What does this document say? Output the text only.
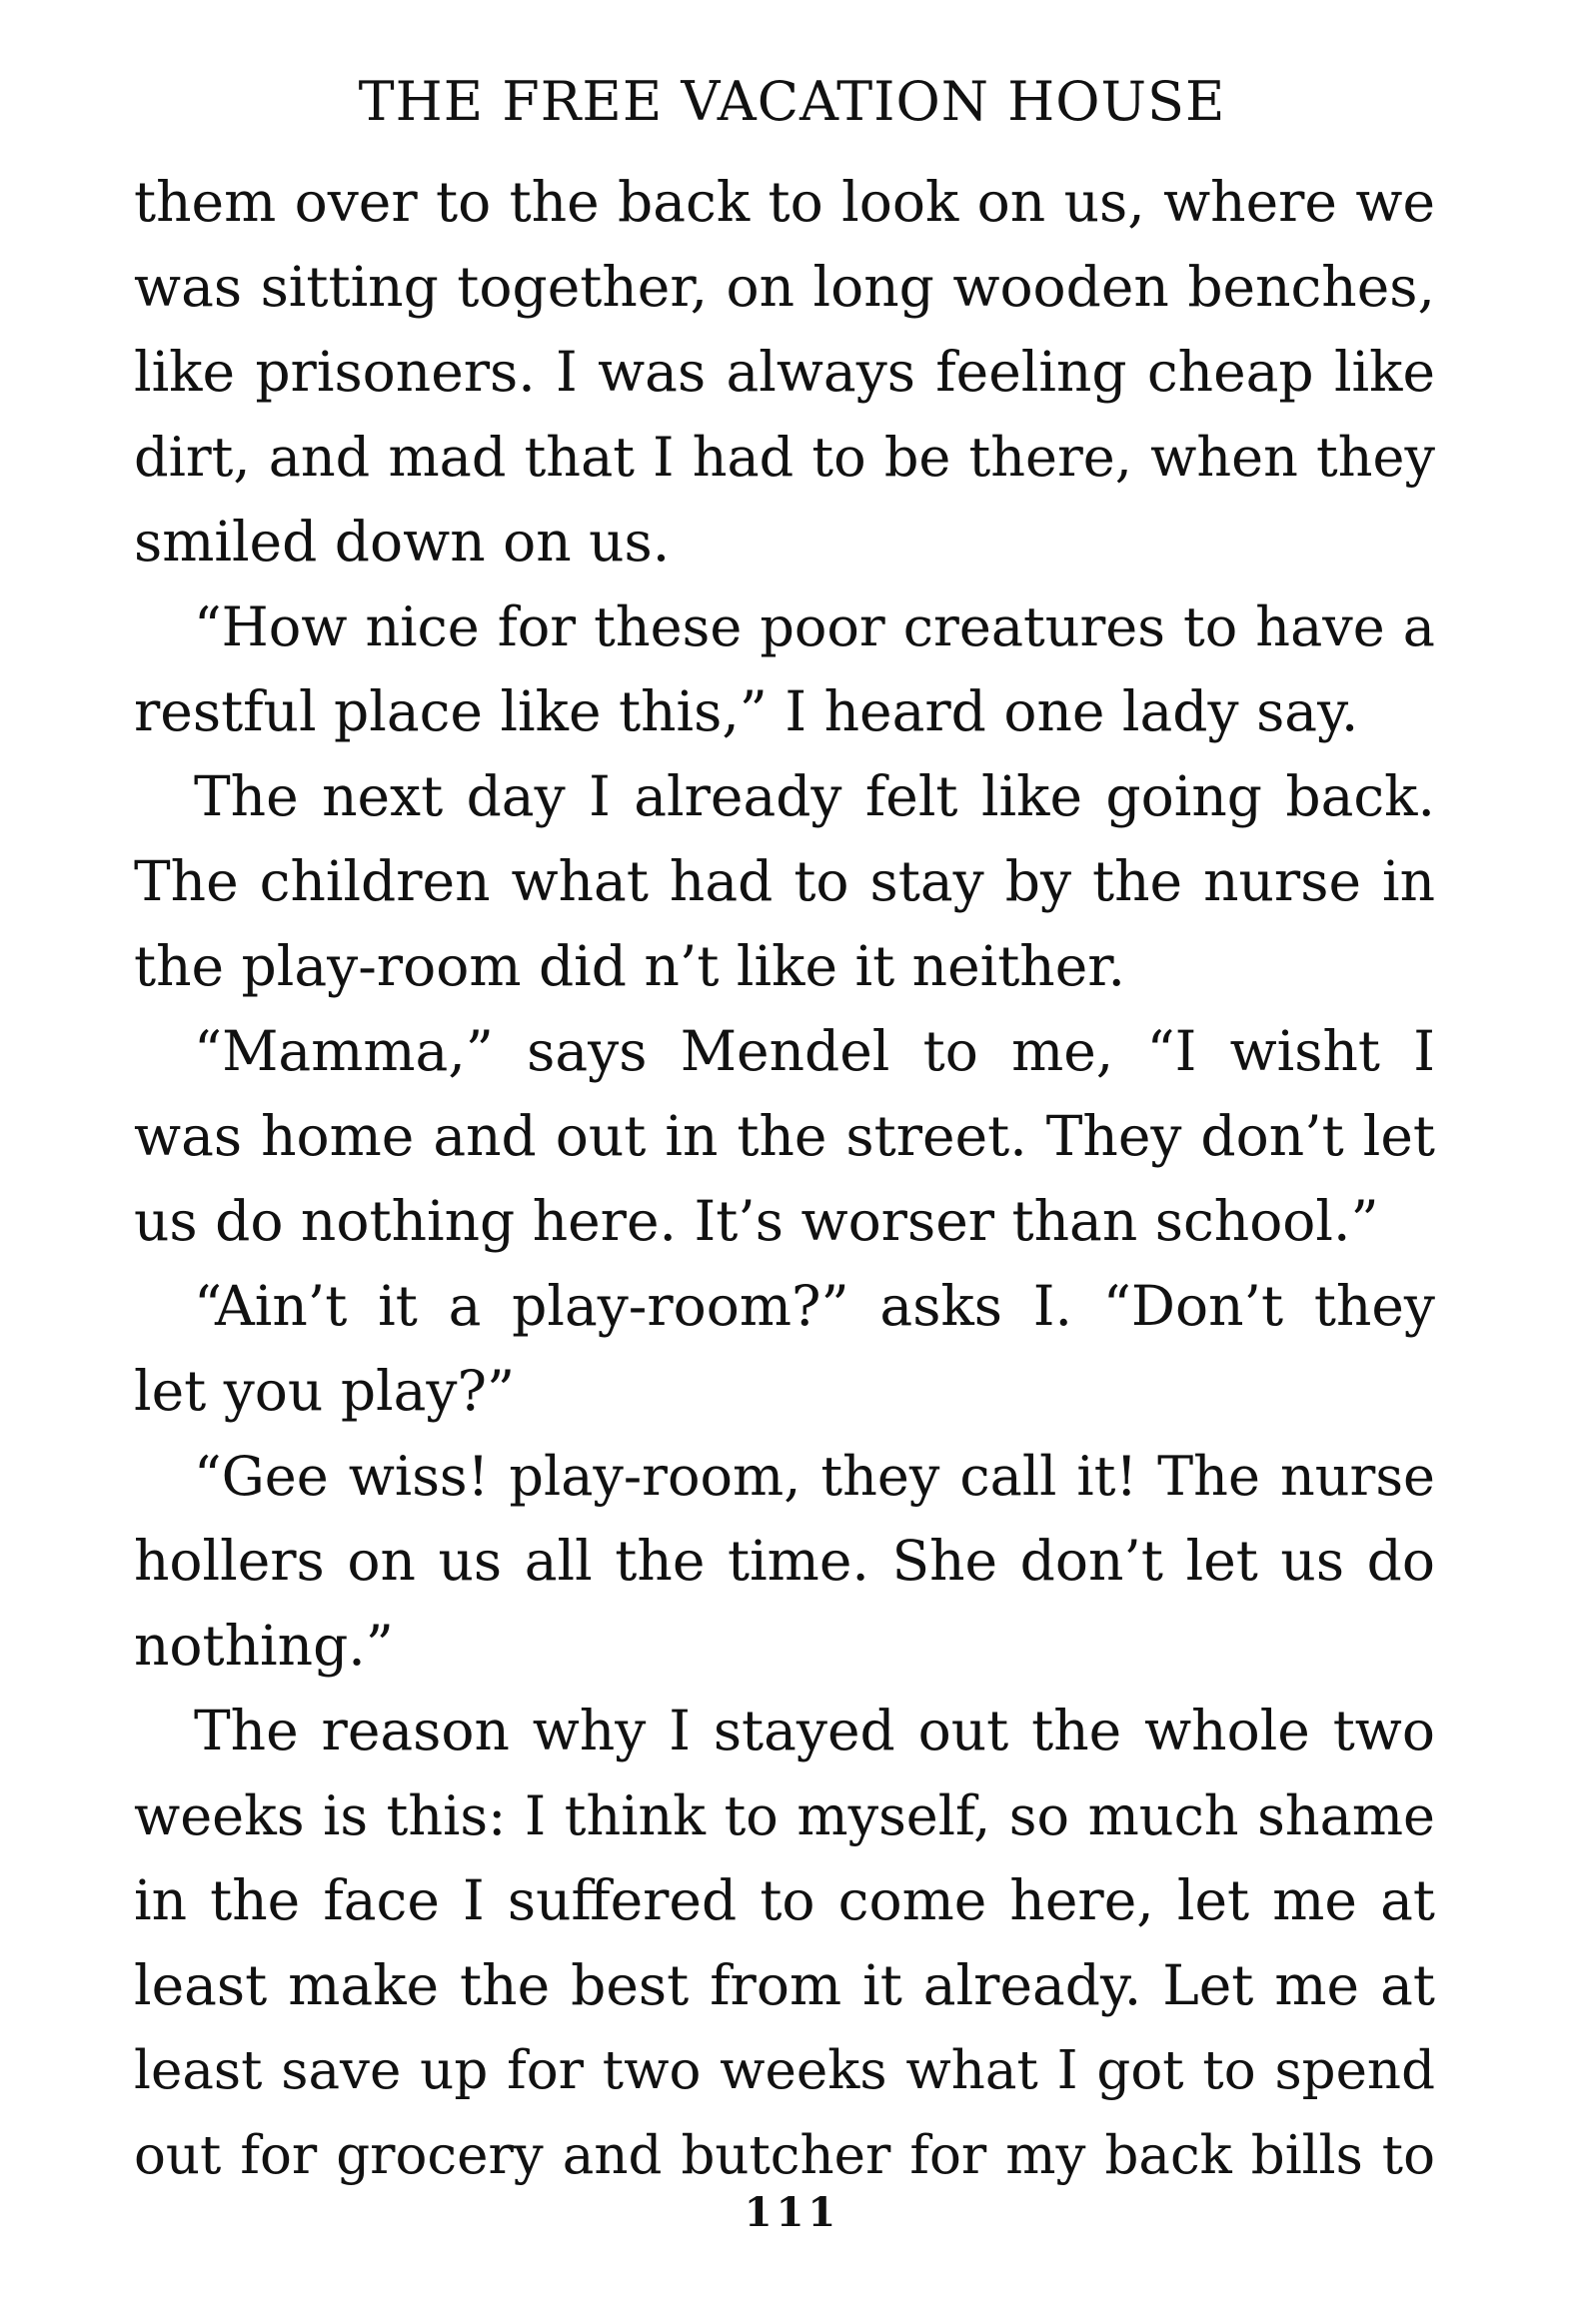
THE FREE VACATION HOUSE
them over to the back to look on us, where we
was sitting together, on long wooden benches,
like prisoners. I was always feeling cheap like
dirt, and mad that I had to be there, when they
smiled down on us.
“How nice for these poor creatures to have a
restful place like this,” I heard one lady say.
The next day I already felt like going back.
The children what had to stay by the nurse in
the play-room did n’t like it neither.
“Mamma,” says Mendel to me, “I wisht I
was home and out in the street. They don’t let
us do nothing here. It’s worser than school.”
“Ain’t it a play-room?” asks I. “Don’t they
let you play?”
“Gee wiss! play-room, they call it! The nurse
hollers on us all the time. She don’t let us do
nothing.”
The reason why I stayed out the whole two
weeks is this: I think to myself, so much shame
in the face I suffered to come here, let me at
least make the best from it already. Let me at
least save up for two weeks what I got to spend
out for grocery and butcher for my back bills to
111
